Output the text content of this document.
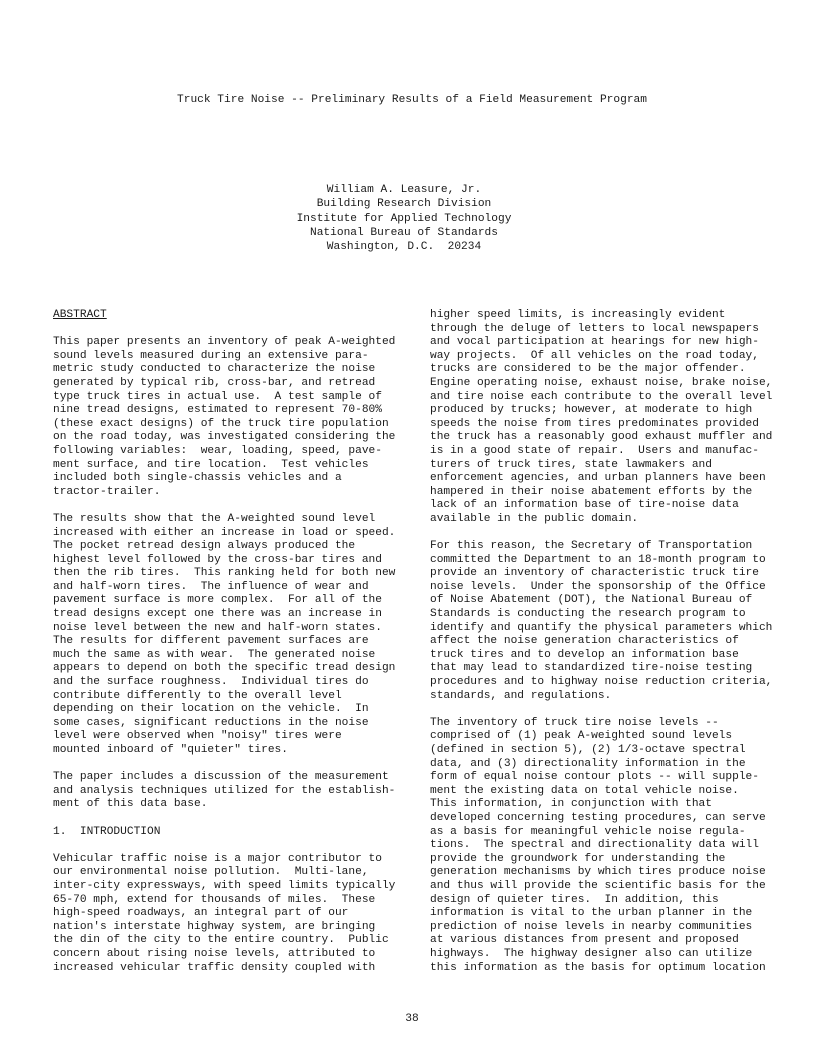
Truck Tire Noise -- Preliminary Results of a Field Measurement Program
William A. Leasure, Jr.
Building Research Division
Institute for Applied Technology
National Bureau of Standards
Washington, D.C.  20234
ABSTRACT
This paper presents an inventory of peak A-weighted
sound levels measured during an extensive para-
metric study conducted to characterize the noise
generated by typical rib, cross-bar, and retread
type truck tires in actual use.  A test sample of
nine tread designs, estimated to represent 70-80%
(these exact designs) of the truck tire population
on the road today, was investigated considering the
following variables:  wear, loading, speed, pave-
ment surface, and tire location.  Test vehicles
included both single-chassis vehicles and a
tractor-trailer.
The results show that the A-weighted sound level
increased with either an increase in load or speed.
The pocket retread design always produced the
highest level followed by the cross-bar tires and
then the rib tires.  This ranking held for both new
and half-worn tires.  The influence of wear and
pavement surface is more complex.  For all of the
tread designs except one there was an increase in
noise level between the new and half-worn states.
The results for different pavement surfaces are
much the same as with wear.  The generated noise
appears to depend on both the specific tread design
and the surface roughness.  Individual tires do
contribute differently to the overall level
depending on their location on the vehicle.  In
some cases, significant reductions in the noise
level were observed when "noisy" tires were
mounted inboard of "quieter" tires.
The paper includes a discussion of the measurement
and analysis techniques utilized for the establish-
ment of this data base.
1.  INTRODUCTION
Vehicular traffic noise is a major contributor to
our environmental noise pollution.  Multi-lane,
inter-city expressways, with speed limits typically
65-70 mph, extend for thousands of miles.  These
high-speed roadways, an integral part of our
nation's interstate highway system, are bringing
the din of the city to the entire country.  Public
concern about rising noise levels, attributed to
increased vehicular traffic density coupled with
higher speed limits, is increasingly evident
through the deluge of letters to local newspapers
and vocal participation at hearings for new high-
way projects.  Of all vehicles on the road today,
trucks are considered to be the major offender.
Engine operating noise, exhaust noise, brake noise,
and tire noise each contribute to the overall level
produced by trucks; however, at moderate to high
speeds the noise from tires predominates provided
the truck has a reasonably good exhaust muffler and
is in a good state of repair.  Users and manufac-
turers of truck tires, state lawmakers and
enforcement agencies, and urban planners have been
hampered in their noise abatement efforts by the
lack of an information base of tire-noise data
available in the public domain.
For this reason, the Secretary of Transportation
committed the Department to an 18-month program to
provide an inventory of characteristic truck tire
noise levels.  Under the sponsorship of the Office
of Noise Abatement (DOT), the National Bureau of
Standards is conducting the research program to
identify and quantify the physical parameters which
affect the noise generation characteristics of
truck tires and to develop an information base
that may lead to standardized tire-noise testing
procedures and to highway noise reduction criteria,
standards, and regulations.
The inventory of truck tire noise levels --
comprised of (1) peak A-weighted sound levels
(defined in section 5), (2) 1/3-octave spectral
data, and (3) directionality information in the
form of equal noise contour plots -- will supple-
ment the existing data on total vehicle noise.
This information, in conjunction with that
developed concerning testing procedures, can serve
as a basis for meaningful vehicle noise regula-
tions.  The spectral and directionality data will
provide the groundwork for understanding the
generation mechanisms by which tires produce noise
and thus will provide the scientific basis for the
design of quieter tires.  In addition, this
information is vital to the urban planner in the
prediction of noise levels in nearby communities
at various distances from present and proposed
highways.  The highway designer also can utilize
this information as the basis for optimum location
38
